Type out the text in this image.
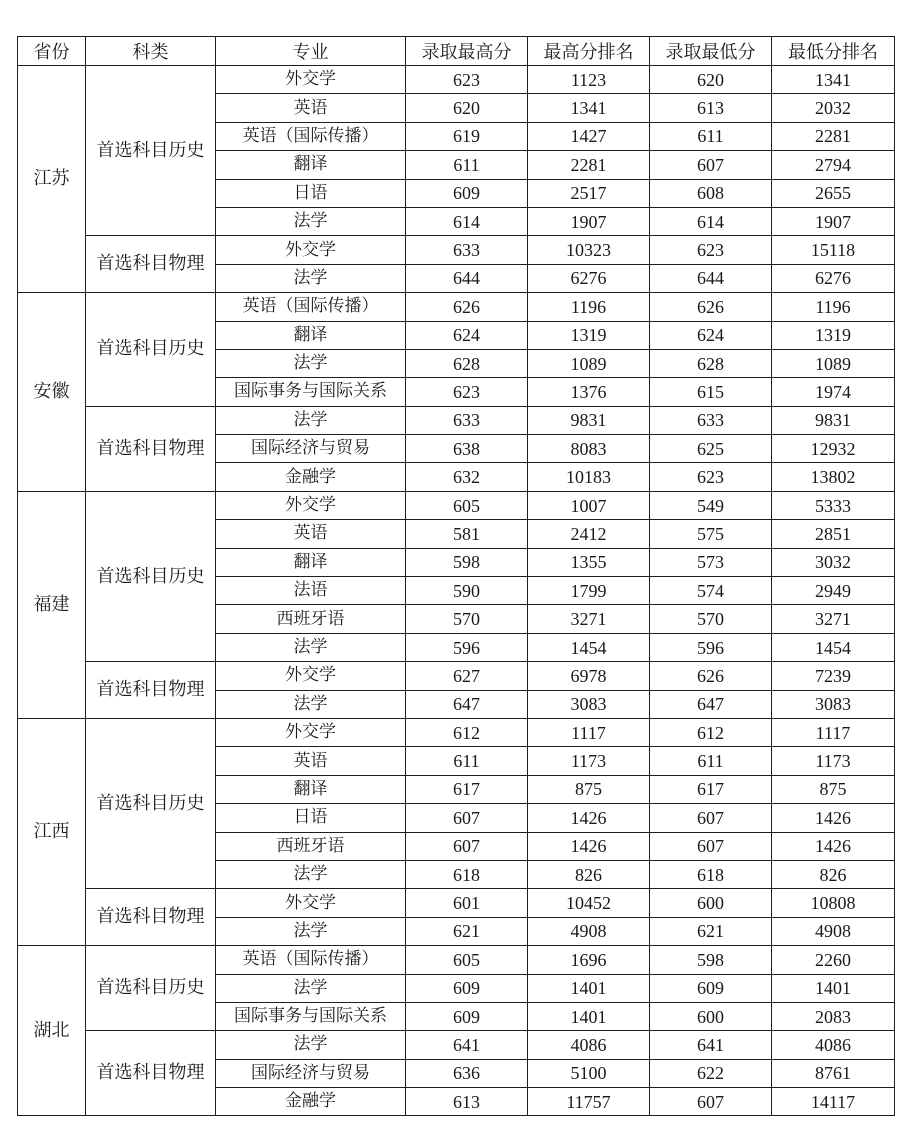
省份	科类	专业	录取最高分	最高分排名	录取最低分	最低分排名
江苏	首选科目历史	外交学	623	1123	620	1341
		英语	620	1341	613	2032
		英语（国际传播）	619	1427	611	2281
		翻译	611	2281	607	2794
		日语	609	2517	608	2655
		法学	614	1907	614	1907
	首选科目物理	外交学	633	10323	623	15118
		法学	644	6276	644	6276
安徽	首选科目历史	英语（国际传播）	626	1196	626	1196
		翻译	624	1319	624	1319
		法学	628	1089	628	1089
		国际事务与国际关系	623	1376	615	1974
	首选科目物理	法学	633	9831	633	9831
		国际经济与贸易	638	8083	625	12932
		金融学	632	10183	623	13802
福建	首选科目历史	外交学	605	1007	549	5333
		英语	581	2412	575	2851
		翻译	598	1355	573	3032
		法语	590	1799	574	2949
		西班牙语	570	3271	570	3271
		法学	596	1454	596	1454
	首选科目物理	外交学	627	6978	626	7239
		法学	647	3083	647	3083
江西	首选科目历史	外交学	612	1117	612	1117
		英语	611	1173	611	1173
		翻译	617	875	617	875
		日语	607	1426	607	1426
		西班牙语	607	1426	607	1426
		法学	618	826	618	826
	首选科目物理	外交学	601	10452	600	10808
		法学	621	4908	621	4908
湖北	首选科目历史	英语（国际传播）	605	1696	598	2260
		法学	609	1401	609	1401
		国际事务与国际关系	609	1401	600	2083
	首选科目物理	法学	641	4086	641	4086
		国际经济与贸易	636	5100	622	8761
		金融学	613	11757	607	14117
